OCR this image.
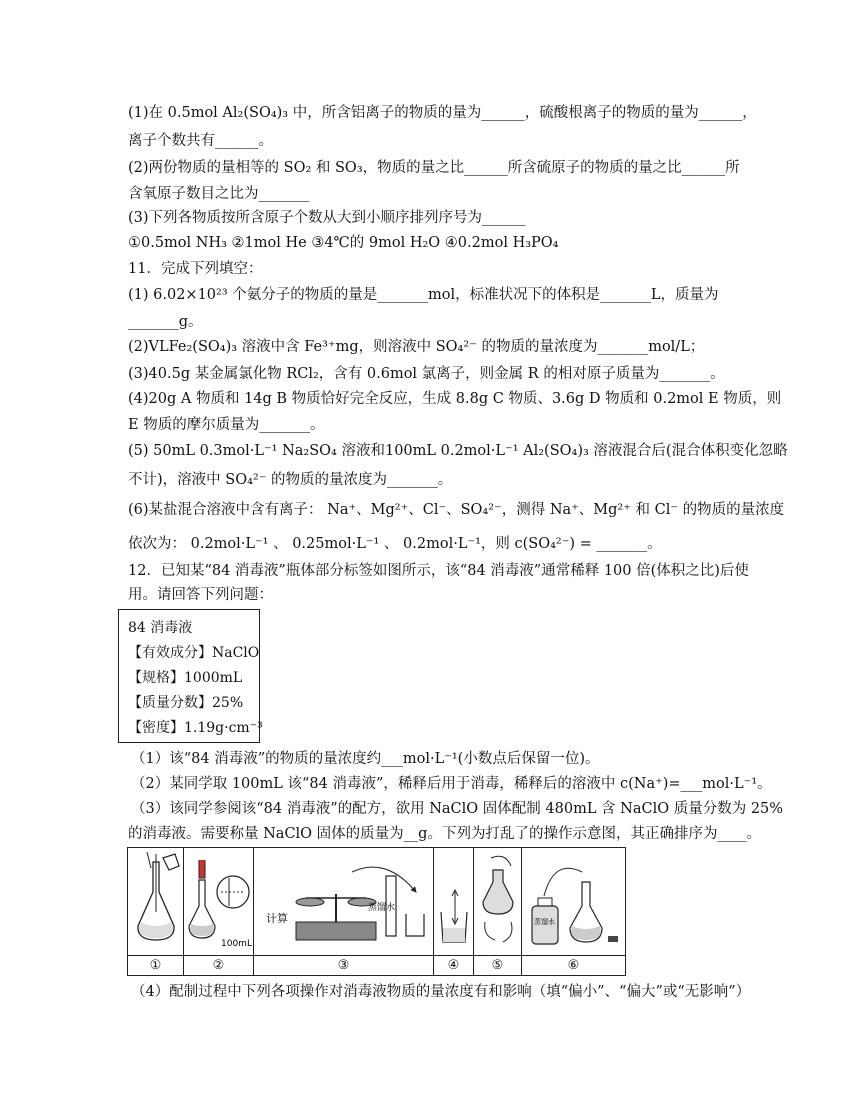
(1)在 0.5mol Al₂(SO₄)₃ 中，所含铝离子的物质的量为______，硫酸根离子的物质的量为______，
离子个数共有______。
(2)两份物质的量相等的 SO₂ 和 SO₃，物质的量之比______所含硫原子的物质的量之比______所
含氧原子数目之比为_______
(3)下列各物质按所含原子个数从大到小顺序排列序号为______
①0.5mol NH₃ ②1mol He ③4℃的 9mol H₂O ④0.2mol H₃PO₄
11．完成下列填空：
(1) 6.02×10²³ 个氨分子的物质的量是_______mol，标准状况下的体积是_______L，质量为
_______g。
(2)VLFe₂(SO₄)₃ 溶液中含 Fe³⁺mg，则溶液中 SO₄²⁻ 的物质的量浓度为_______mol/L；
(3)40.5g 某金属氯化物 RCl₂，含有 0.6mol 氯离子，则金属 R 的相对原子质量为_______。
(4)20g A 物质和 14g B 物质恰好完全反应，生成 8.8g C 物质、3.6g D 物质和 0.2mol E 物质，则
E 物质的摩尔质量为_______。
(5) 50mL 0.3mol·L⁻¹ Na₂SO₄ 溶液和100mL 0.2mol·L⁻¹ Al₂(SO₄)₃ 溶液混合后(混合体积变化忽略
不计)，溶液中 SO₄²⁻ 的物质的量浓度为_______。
(6)某盐混合溶液中含有离子： Na⁺、Mg²⁺、Cl⁻、SO₄²⁻，测得 Na⁺、Mg²⁺ 和 Cl⁻ 的物质的量浓度
依次为： 0.2mol·L⁻¹ 、 0.25mol·L⁻¹ 、 0.2mol·L⁻¹，则 c(SO₄²⁻) = _______。
12．已知某“84 消毒液”瓶体部分标签如图所示，该“84 消毒液”通常稀释 100 倍(体积之比)后使
用。请回答下列问题：
84 消毒液
【有效成分】NaClO
【规格】1000mL
【质量分数】25%
【密度】1.19g·cm⁻³
（1）该“84 消毒液”的物质的量浓度约___mol·L⁻¹(小数点后保留一位)。
（2）某同学取 100mL 该“84 消毒液”，稀释后用于消毒，稀释后的溶液中 c(Na⁺)=___mol·L⁻¹。
（3）该同学参阅该“84 消毒液”的配方，欲用 NaClO 固体配制 480mL 含 NaClO 质量分数为 25%
的消毒液。需要称量 NaClO 固体的质量为__g。下列为打乱了的操作示意图，其正确排序为____。

100mL	计算
蒸馏水			蒸馏水

①	②	③	④	⑤	⑥
（4）配制过程中下列各项操作对消毒液物质的量浓度有和影响（填“偏小”、“偏大”或“无影响”）
